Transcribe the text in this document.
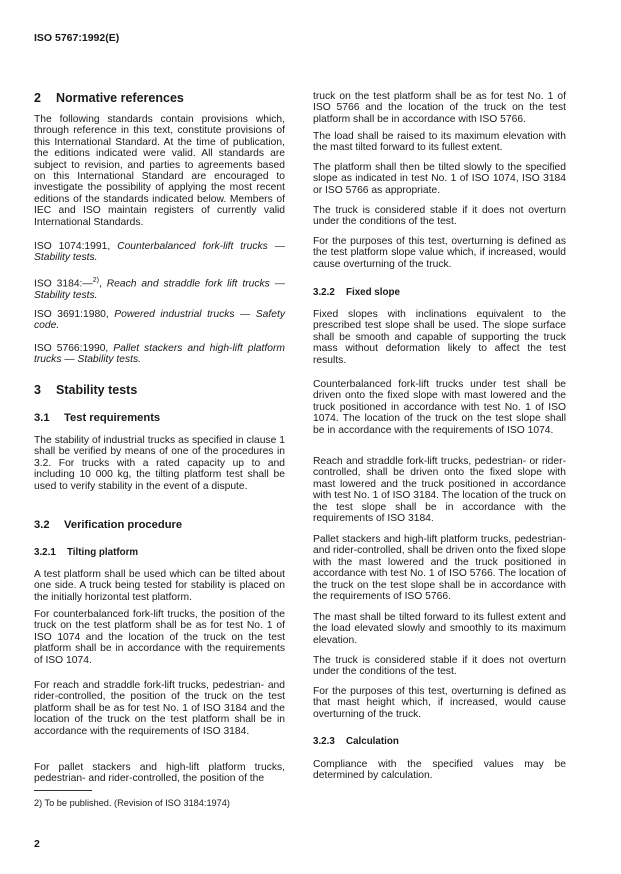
ISO 5767:1992(E)
2 Normative references

The following standards contain provisions which, through reference in this text, constitute provisions of this International Standard. At the time of publication, the editions indicated were valid. All standards are subject to revision, and parties to agreements based on this International Standard are encouraged to investigate the possibility of applying the most recent editions of the standards indicated below. Members of IEC and ISO maintain registers of currently valid International Standards.

ISO 1074:1991, Counterbalanced fork-lift trucks — Stability tests.

ISO 3184:—$^{2)}$, Reach and straddle fork lift trucks — Stability tests.

ISO 3691:1980, Powered industrial trucks — Safety code.

ISO 5766:1990, Pallet stackers and high-lift platform trucks — Stability tests.

3 Stability tests
3.1 Test requirements

The stability of industrial trucks as specified in clause 1 shall be verified by means of one of the procedures in 3.2. For trucks with a rated capacity up to and including 10 000 kg, the tilting platform test shall be used to verify stability in the event of a dispute.

3.2 Verification procedure
3.2.1 Tilting platform

A test platform shall be used which can be tilted about one side. A truck being tested for stability is placed on the initially horizontal test platform.

For counterbalanced fork-lift trucks, the position of the truck on the test platform shall be as for test No. 1 of ISO 1074 and the location of the truck on the test platform shall be in accordance with the requirements of ISO 1074.

For reach and straddle fork-lift trucks, pedestrian- and rider-controlled, the position of the truck on the test platform shall be as for test No. 1 of ISO 3184 and the location of the truck on the test platform shall be in accordance with the requirements of ISO 3184.

For pallet stackers and high-lift platform trucks, pedestrian- and rider-controlled, the position of the

2) To be published. (Revision of ISO 3184:1974)
2

truck on the test platform shall be as for test No. 1 of ISO 5766 and the location of the truck on the test platform shall be in accordance with ISO 5766.

The load shall be raised to its maximum elevation with the mast tilted forward to its fullest extent.

The platform shall then be tilted slowly to the specified slope as indicated in test No. 1 of ISO 1074, ISO 3184 or ISO 5766 as appropriate.

The truck is considered stable if it does not overturn under the conditions of the test.

For the purposes of this test, overturning is defined as the test platform slope value which, if increased, would cause overturning of the truck.

3.2.2 Fixed slope

Fixed slopes with inclinations equivalent to the prescribed test slope shall be used. The slope surface shall be smooth and capable of supporting the truck mass without deformation likely to affect the test results.

Counterbalanced fork-lift trucks under test shall be driven onto the fixed slope with mast lowered and the truck positioned in accordance with test No. 1 of ISO 1074. The location of the truck on the test slope shall be in accordance with the requirements of ISO 1074.

Reach and straddle fork-lift trucks, pedestrian- or rider-controlled, shall be driven onto the fixed slope with mast lowered and the truck positioned in accordance with test No. 1 of ISO 3184. The location of the truck on the test slope shall be in accordance with the requirements of ISO 3184.

Pallet stackers and high-lift platform trucks, pedestrian- and rider-controlled, shall be driven onto the fixed slope with the mast lowered and the truck positioned in accordance with test No. 1 of ISO 5766. The location of the truck on the test slope shall be in accordance with the requirements of ISO 5766.

The mast shall be tilted forward to its fullest extent and the load elevated slowly and smoothly to its maximum elevation.

The truck is considered stable if it does not overturn under the conditions of the test.

For the purposes of this test, overturning is defined as that mast height which, if increased, would cause overturning of the truck.

3.2.3 Calculation

Compliance with the specified values may be determined by calculation.
